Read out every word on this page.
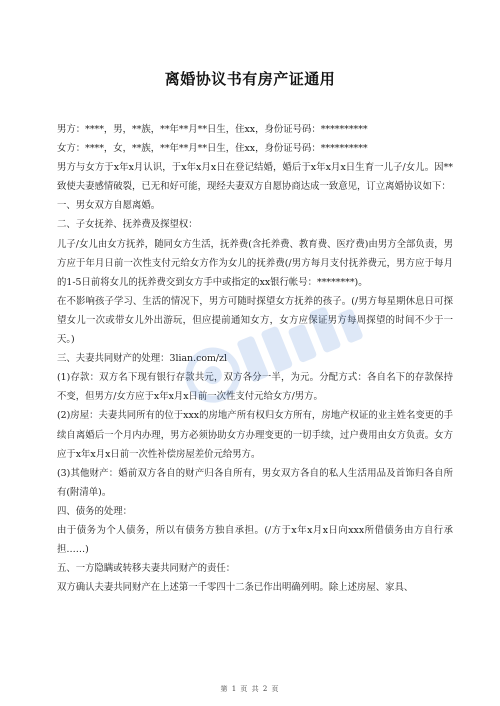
离婚协议书有房产证通用

男方：****，男，**族，**年**月**日生，住xx，身份证号码：**********

女方：****，女，**族，**年**月**日生，住xx，身份证号码：**********

男方与女方于x年x月认识，于x年x月x日在登记结婚，婚后于x年x月x日生育一儿子/女儿。因**致使夫妻感情破裂，已无和好可能，现经夫妻双方自愿协商达成一致意见，订立离婚协议如下：

一、男女双方自愿离婚。

二、子女抚养、抚养费及探望权：

儿子/女儿由女方抚养，随同女方生活，抚养费(含托养费、教育费、医疗费)由男方全部负责，男方应于年月日前一次性支付元给女方作为女儿的抚养费(/男方每月支付抚养费元，男方应于每月的1-5日前将女儿的抚养费交到女方手中或指定的xx银行帐号：********)。

在不影响孩子学习、生活的情况下，男方可随时探望女方抚养的孩子。(/男方每星期休息日可探望女儿一次或带女儿外出游玩，但应提前通知女方，女方应保证男方每周探望的时间不少于一天。)

三、夫妻共同财产的处理：3lian.com/zl

(1)存款：双方名下现有银行存款共元，双方各分一半，为元。分配方式：各自名下的存款保持不变，但男方/女方应于x年x月x日前一次性支付元给女方/男方。

(2)房屋：夫妻共同所有的位于xxx的房地产所有权归女方所有，房地产权证的业主姓名变更的手续自离婚后一个月内办理，男方必须协助女方办理变更的一切手续，过户费用由女方负责。女方应于x年x月x日前一次性补偿房屋差价元给男方。

(3)其他财产：婚前双方各自的财产归各自所有，男女双方各自的私人生活用品及首饰归各自所有(附清单)。

四、债务的处理：

由于债务为个人债务，所以有债务方独自承担。(/方于x年x月x日向xxx所借债务由方自行承担……)

五、一方隐瞒或转移夫妻共同财产的责任：

双方确认夫妻共同财产在上述第一千零四十二条已作出明确列明。除上述房屋、家具、

第 1 页 共 2 页
